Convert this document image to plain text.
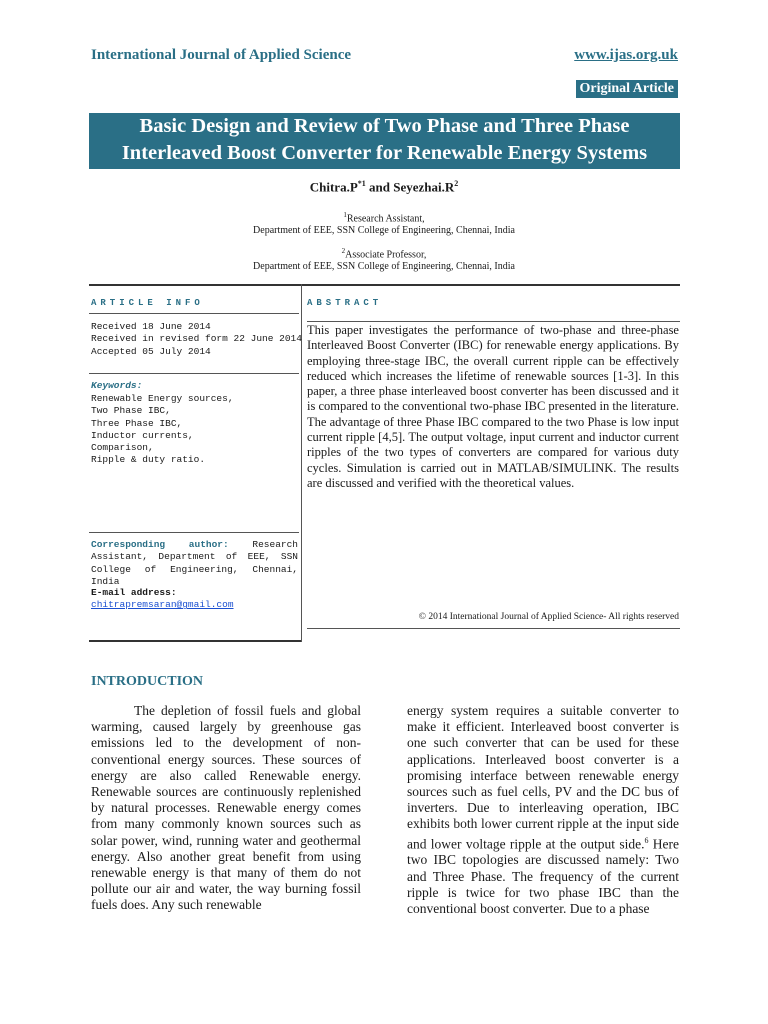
International Journal of Applied Science	www.ijas.org.uk
Original Article
Basic Design and Review of Two Phase and Three Phase
Interleaved Boost Converter for Renewable Energy Systems
$Chitra.P^{*1}$ and $Seyezhai.R^2$
$^1$Research Assistant,
Department of EEE, SSN College of Engineering, Chennai, India
$^2$Associate Professor,
Department of EEE, SSN College of Engineering, Chennai, India
ARTICLE INFO
Received 18 June 2014
Received in revised form 22 June 2014
Accepted 05 July 2014
Keywords:
Renewable Energy sources,
Two Phase IBC,
Three Phase IBC,
Inductor currents,
Comparison,
Ripple & duty ratio.
Corresponding author: Research Assistant, Department of EEE, SSN College of Engineering, Chennai, India
E-mail address:
chitrapremsaran@gmail.com
ABSTRACT
This paper investigates the performance of two-phase and three-phase Interleaved Boost Converter (IBC) for renewable energy applications. By employing three-stage IBC, the overall current ripple can be effectively reduced which increases the lifetime of renewable sources [1-3]. In this paper, a three phase interleaved boost converter has been discussed and it is compared to the conventional two-phase IBC presented in the literature. The advantage of three Phase IBC compared to the two Phase is low input current ripple [4,5]. The output voltage, input current and inductor current ripples of the two types of converters are compared for various duty cycles. Simulation is carried out in MATLAB/SIMULINK. The results are discussed and verified with the theoretical values.
© 2014 International Journal of Applied Science- All rights reserved
INTRODUCTION
The depletion of fossil fuels and global warming, caused largely by greenhouse gas emissions led to the development of non-conventional energy sources. These sources of energy are also called Renewable energy. Renewable sources are continuously replenished by natural processes. Renewable energy comes from many commonly known sources such as solar power, wind, running water and geothermal energy. Also another great benefit from using renewable energy is that many of them do not pollute our air and water, the way burning fossil fuels does. Any such renewable
energy system requires a suitable converter to make it efficient. Interleaved boost converter is one such converter that can be used for these applications. Interleaved boost converter is a promising interface between renewable energy sources such as fuel cells, PV and the DC bus of inverters. Due to interleaving operation, IBC exhibits both lower current ripple at the input side and lower voltage ripple at the output side.$^6$ Here two IBC topologies are discussed namely: Two and Three Phase. The frequency of the current ripple is twice for two phase IBC than the conventional boost converter. Due to a phase
